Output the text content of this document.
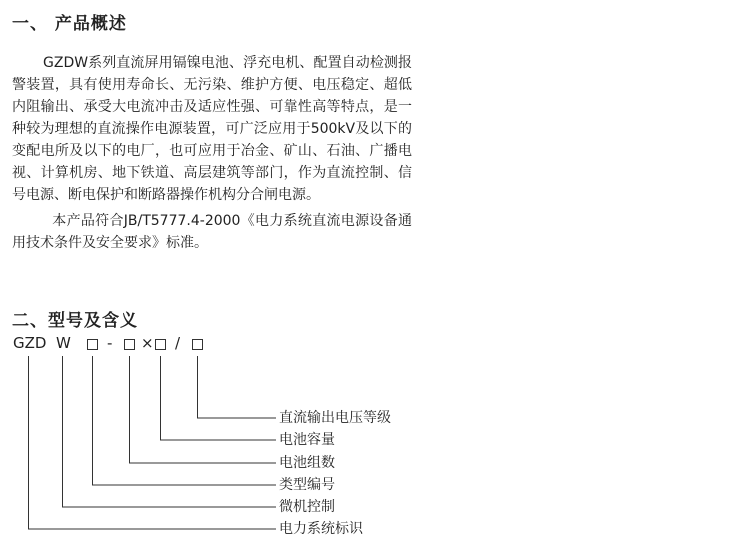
一、 产品概述

GZDW系列直流屏用镉镍电池、浮充电机、配置自动检测报警装置，具有使用寿命长、无污染、维护方便、电压稳定、超低内阻输出、承受大电流冲击及适应性强、可靠性高等特点，是一种较为理想的直流操作电源装置，可广泛应用于500kV及以下的变配电所及以下的电厂，也可应用于冶金、矿山、石油、广播电视、计算机房、地下铁道、高层建筑等部门，作为直流控制、信号电源、断电保护和断路器操作机构分合闸电源。

本产品符合JB/T5777.4-2000《电力系统直流电源设备通用技术条件及安全要求》标准。

二、型号及含义
GZD W - × /
直流输出电压等级
电池容量
电池组数
类型编号
微机控制
电力系统标识
